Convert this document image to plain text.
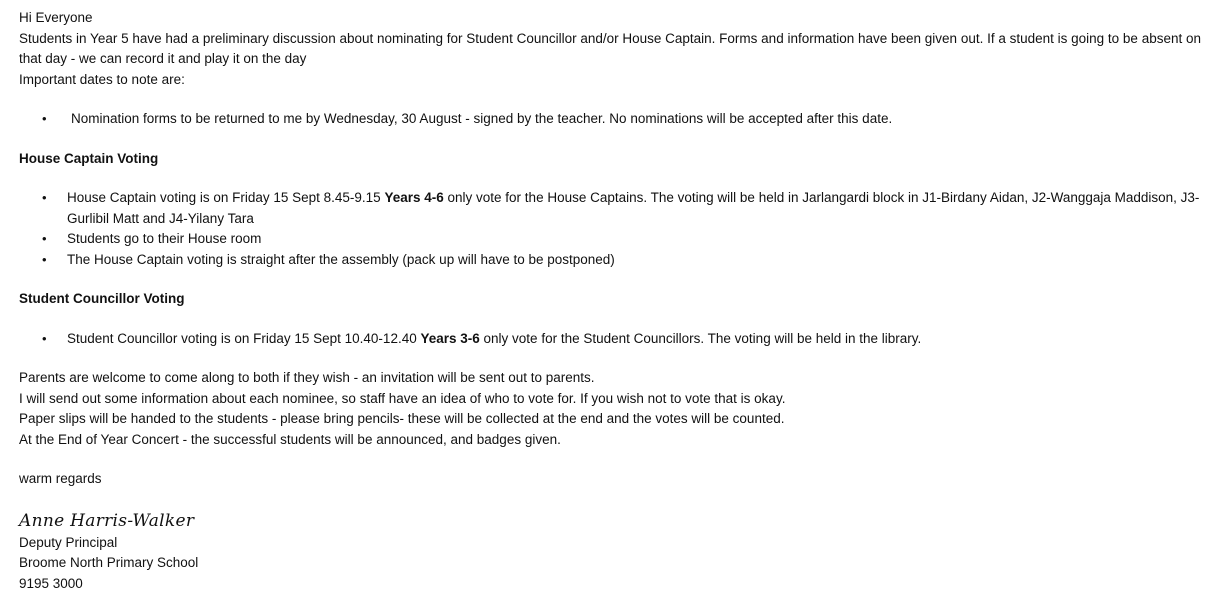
Hi Everyone

Students in Year 5 have had a preliminary discussion about nominating for Student Councillor and/or House Captain. Forms and information have been given out. If a student is going to be absent on that day - we can record it and play it on the day

Important dates to note are:

• Nomination forms to be returned to me by Wednesday, 30 August - signed by the teacher. No nominations will be accepted after this date.

House Captain Voting

• House Captain voting is on Friday 15 Sept 8.45-9.15 Years 4-6 only vote for the House Captains. The voting will be held in Jarlangardi block in J1-Birdany Aidan, J2-Wanggaja Maddison, J3-Gurlibil Matt and J4-Yilany Tara
• Students go to their House room
• The House Captain voting is straight after the assembly (pack up will have to be postponed)

Student Councillor Voting

• Student Councillor voting is on Friday 15 Sept 10.40-12.40 Years 3-6 only vote for the Student Councillors. The voting will be held in the library.

Parents are welcome to come along to both if they wish - an invitation will be sent out to parents.

I will send out some information about each nominee, so staff have an idea of who to vote for. If you wish not to vote that is okay.

Paper slips will be handed to the students - please bring pencils- these will be collected at the end and the votes will be counted.

At the End of Year Concert - the successful students will be announced, and badges given.

warm regards

Anne Harris-Walker

Deputy Principal

Broome North Primary School

9195 3000
